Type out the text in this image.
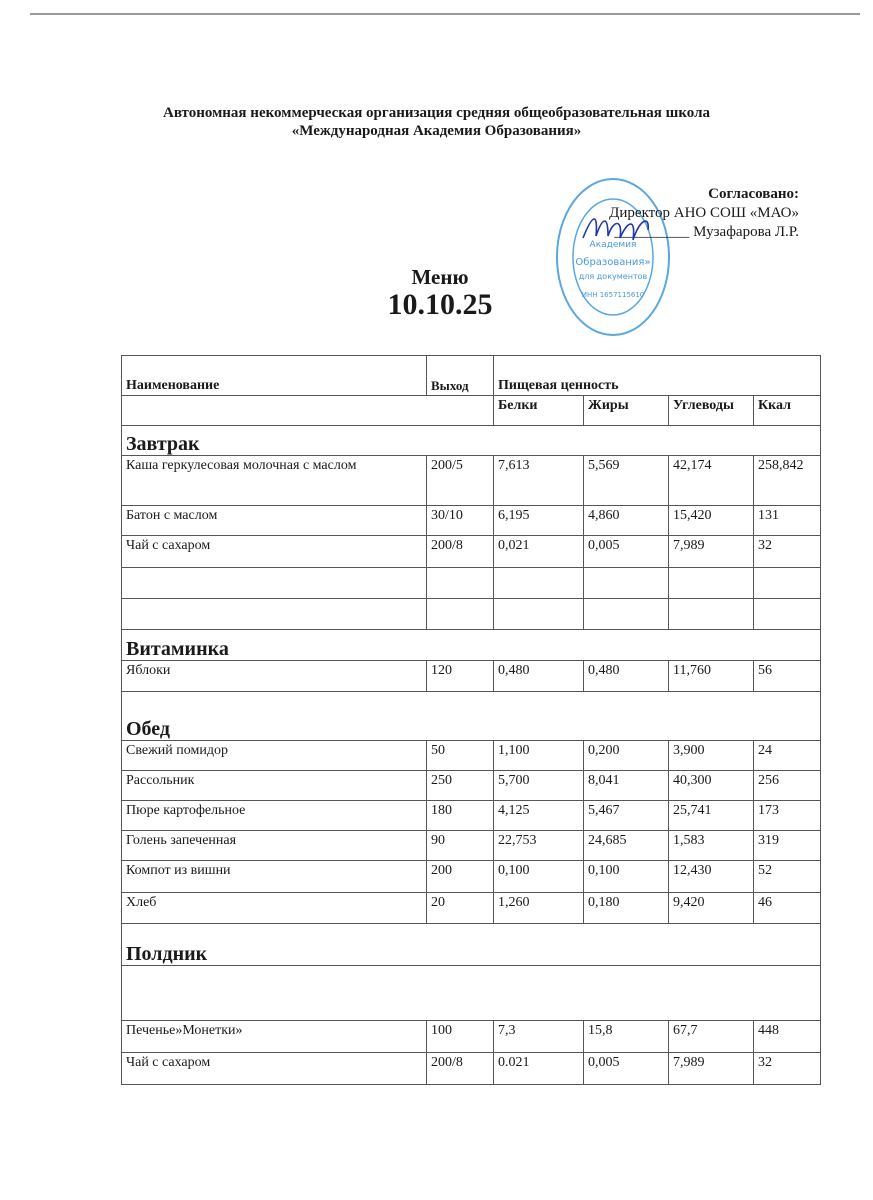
Автономная некоммерческая организация средняя общеобразовательная школа
«Международная Академия Образования»
Академия
Образования»
для документов
ИНН 1657115610
Согласовано:
Директор АНО СОШ «МАО»
__________ Музафарова Л.Р.
Меню
10.10.25
Наименование	Выход	Пищевая ценность			
		Белки	Жиры	Углеводы	Ккал
Завтрак					
Каша геркулесовая молочная с маслом	200/5	7,613	5,569	42,174	258,842
Батон с маслом	30/10	6,195	4,860	15,420	131
Чай с сахаром	200/8	0,021	0,005	7,989	32

Витаминка					
Яблоки	120	0,480	0,480	11,760	56
Обед					
Свежий помидор	50	1,100	0,200	3,900	24
Рассольник	250	5,700	8,041	40,300	256
Пюре картофельное	180	4,125	5,467	25,741	173
Голень запеченная	90	22,753	24,685	1,583	319
Компот из вишни	200	0,100	0,100	12,430	52
Хлеб	20	1,260	0,180	9,420	46
Полдник					

Печенье»Монетки»	100	7,3	15,8	67,7	448
Чай с сахаром	200/8	0.021	0,005	7,989	32
